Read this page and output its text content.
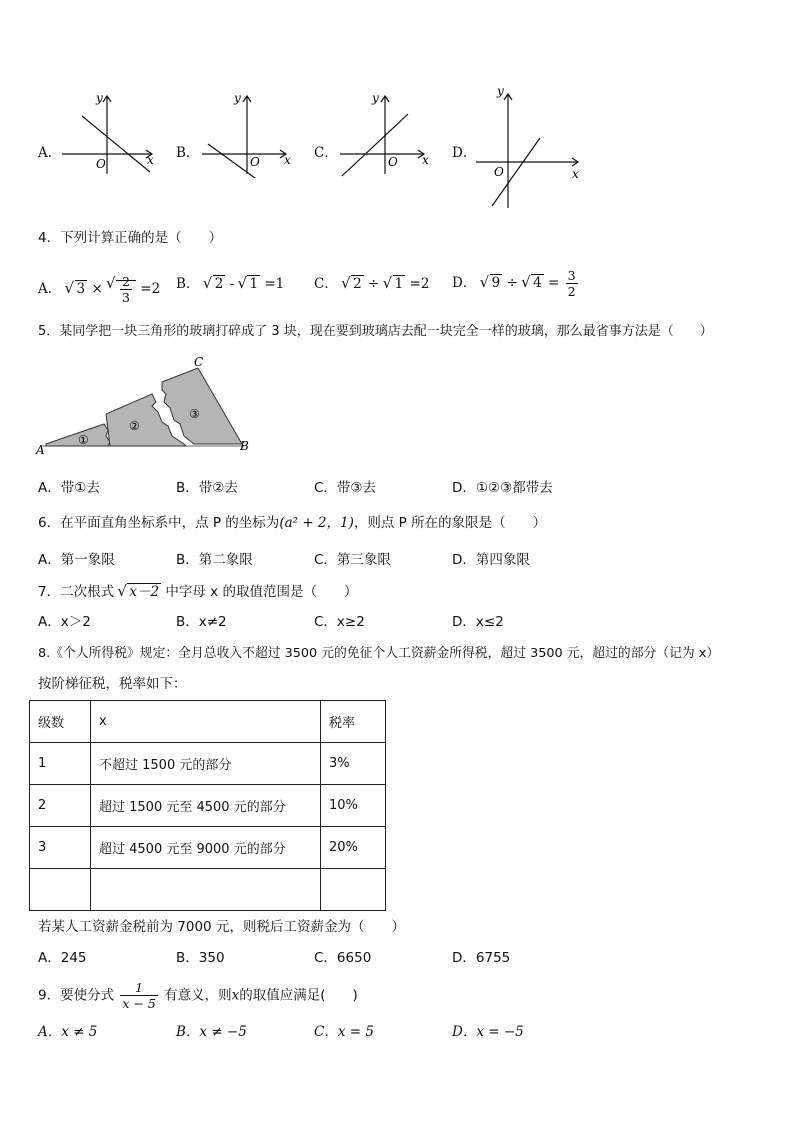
A．	B．	C．	D．
y
x
O
y
x
O
y
x
O
y
x
O
4．下列计算正确的是（　　）
A． √ 3 × √ $\frac{2}{3} =2$ B． √ 2 - √ 1 =1 C． √ 2 ÷ √ 1 =2 D． √ 9 ÷ √ $4 = \frac{3}{2}$
5．某同学把一块三角形的玻璃打碎成了 3 块，现在要到玻璃店去配一块完全一样的玻璃，那么最省事方法是（　　）
A	B
C
①
②
③
A．带①去	B．带②去	C．带③去	D．①②③都带去
6．在平面直角坐标系中，点 P 的坐标为(a² + 2，1)，则点 P 所在的象限是（　　）
A．第一象限	B．第二象限	C．第三象限	D．第四象限
7．二次根式 √ x－2 中字母 x 的取值范围是（　　）
A．x＞2	B．x≠2	C．x≥2	D．x≤2
8.《个人所得税》规定：全月总收入不超过 3500 元的免征个人工资薪金所得税，超过 3500 元，超过的部分（记为 x）
按阶梯征税，税率如下：
级数	x	税率
1	不超过 1500 元的部分	3%
2	超过 1500 元至 4500 元的部分	10%
3	超过 4500 元至 9000 元的部分	20%

若某人工资薪金税前为 7000 元，则税后工资薪金为（　　）
A．245	B．350	C．6650	D．6755
9．要使分式 $\frac{1}{x - 5}$ 有意义，则x的取值应满足(　　)
A．x ≠ 5	B．x ≠ −5	C．x = 5	D．x = −5
